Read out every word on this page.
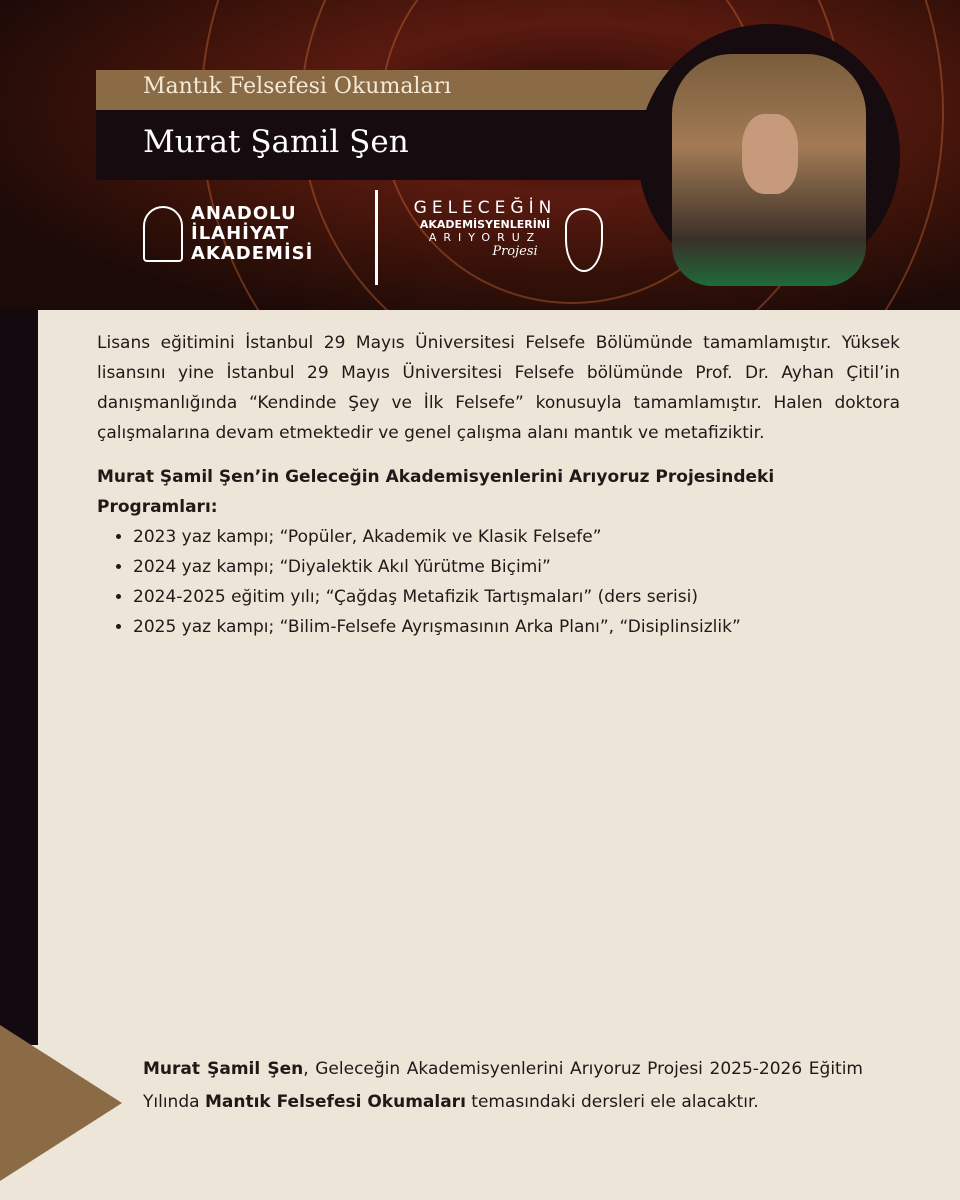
Mantık Felsefesi Okumaları
Murat Şamil Şen
ANADOLU
İLAHİYAT
AKADEMİSİ
GELECEĞİN
AKADEMİSYENLERİNİ
ARIYORUZ
Projesi
Lisans eğitimini İstanbul 29 Mayıs Üniversitesi Felsefe Bölümünde tamamlamıştır. Yüksek lisansını yine İstanbul 29 Mayıs Üniversitesi Felsefe bölümünde Prof. Dr. Ayhan Çitil’in danışmanlığında “Kendinde Şey ve İlk Felsefe” konusuyla tamamlamıştır. Halen doktora çalışmalarına devam etmektedir ve genel çalışma alanı mantık ve metafiziktir.
Murat Şamil Şen’in Geleceğin Akademisyenlerini Arıyoruz Projesindeki Programları:
• 2023 yaz kampı; “Popüler, Akademik ve Klasik Felsefe”
• 2024 yaz kampı; “Diyalektik Akıl Yürütme Biçimi”
• 2024-2025 eğitim yılı; “Çağdaş Metafizik Tartışmaları” (ders serisi)
• 2025 yaz kampı; “Bilim-Felsefe Ayrışmasının Arka Planı”, “Disiplinsizlik”
Murat Şamil Şen, Geleceğin Akademisyenlerini Arıyoruz Projesi 2025-2026 Eğitim Yılında Mantık Felsefesi Okumaları temasındaki dersleri ele alacaktır.
